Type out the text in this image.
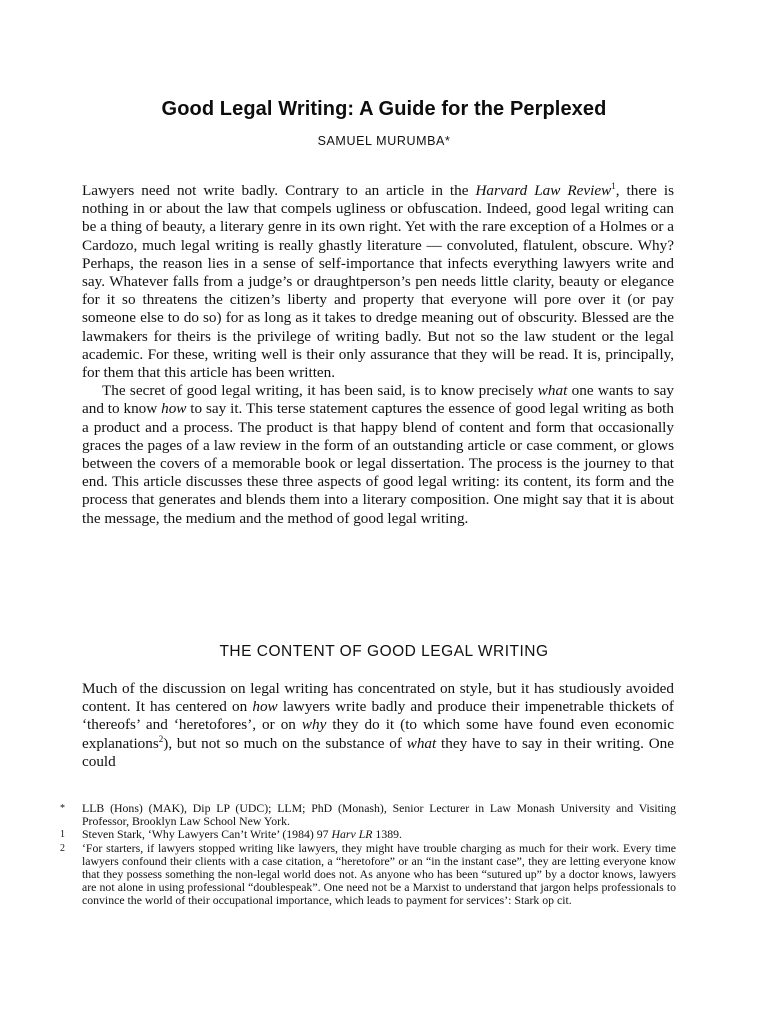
Good Legal Writing: A Guide for the Perplexed
SAMUEL MURUMBA*

Lawyers need not write badly. Contrary to an article in the Harvard Law Review$^1$, there is nothing in or about the law that compels ugliness or obfuscation. Indeed, good legal writing can be a thing of beauty, a literary genre in its own right. Yet with the rare exception of a Holmes or a Cardozo, much legal writing is really ghastly literature — convoluted, flatulent, obscure. Why? Perhaps, the reason lies in a sense of self-importance that infects everything lawyers write and say. Whatever falls from a judge’s or draughtperson’s pen needs little clarity, beauty or elegance for it so threatens the citizen’s liberty and property that everyone will pore over it (or pay someone else to do so) for as long as it takes to dredge meaning out of obscurity. Blessed are the lawmakers for theirs is the privilege of writing badly. But not so the law student or the legal academic. For these, writing well is their only assurance that they will be read. It is, principally, for them that this article has been written.

The secret of good legal writing, it has been said, is to know precisely what one wants to say and to know how to say it. This terse statement captures the essence of good legal writing as both a product and a process. The product is that happy blend of content and form that occasionally graces the pages of a law review in the form of an outstanding article or case comment, or glows between the covers of a memorable book or legal dissertation. The process is the journey to that end. This article discusses these three aspects of good legal writing: its content, its form and the process that generates and blends them into a literary composition. One might say that it is about the message, the medium and the method of good legal writing.

THE CONTENT OF GOOD LEGAL WRITING

Much of the discussion on legal writing has concentrated on style, but it has studiously avoided content. It has centered on how lawyers write badly and produce their impenetrable thickets of ‘thereofs’ and ‘heretofores’, or on why they do it (to which some have found even economic explanations$^2$), but not so much on the substance of what they have to say in their writing. One could

*	LLB (Hons) (MAK), Dip LP (UDC); LLM; PhD (Monash), Senior Lecturer in Law Monash University and Visiting Professor, Brooklyn Law School New York.
1	Steven Stark, ‘Why Lawyers Can’t Write’ (1984) 97 Harv LR 1389.
2	‘For starters, if lawyers stopped writing like lawyers, they might have trouble charging as much for their work. Every time lawyers confound their clients with a case citation, a “heretofore” or an “in the instant case”, they are letting everyone know that they possess something the non-legal world does not. As anyone who has been “sutured up” by a doctor knows, lawyers are not alone in using professional “doublespeak”. One need not be a Marxist to understand that jargon helps professionals to convince the world of their occupational importance, which leads to payment for services’: Stark op cit.
